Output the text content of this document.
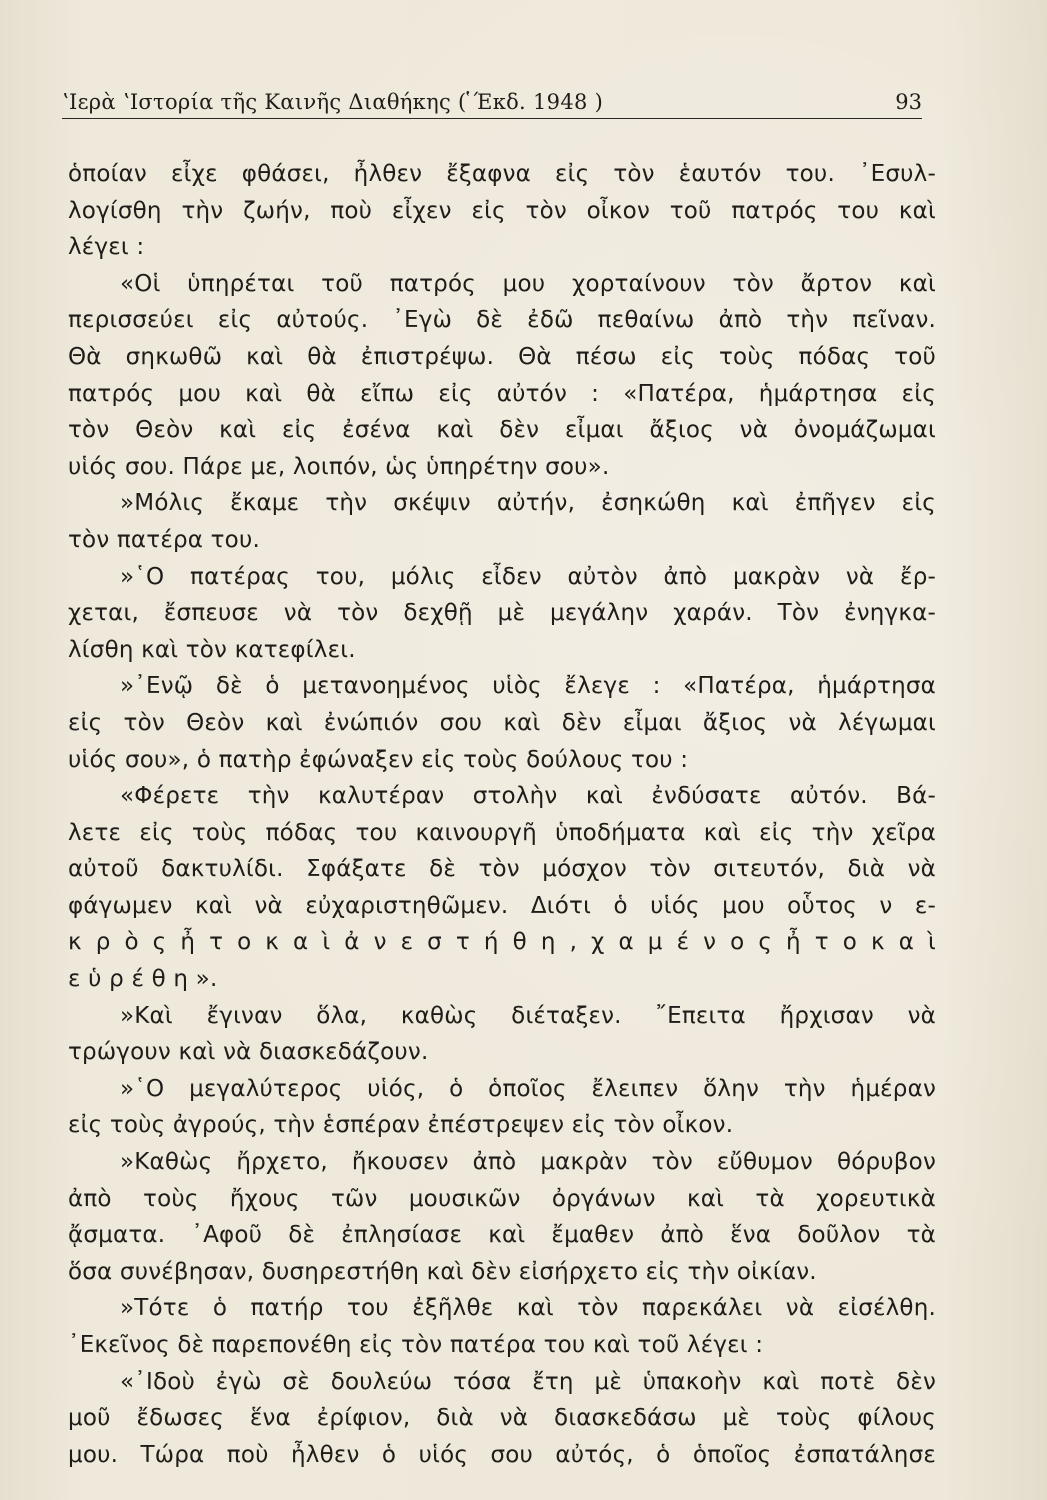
ʽΙερὰ ʽΙστορία τῆς Καινῆς Διαθήκης ( ̔Έκδ. 1948 )	93
ὁποίαν εἶχε φθάσει, ἦλθεν ἔξαφνα εἰς τὸν ἑαυτόν του. ᾿Εσυλ-
λογίσθη τὴν ζωήν, ποὺ εἶχεν εἰς τὸν οἶκον τοῦ πατρός του καὶ
λέγει :
«Οἱ ὑπηρέται τοῦ πατρός μου χορταίνουν τὸν ἄρτον καὶ
περισσεύει εἰς αὐτούς. ᾿Εγὼ δὲ ἐδῶ πεθαίνω ἀπὸ τὴν πεῖναν.
Θὰ σηκωθῶ καὶ θὰ ἐπιστρέψω. Θὰ πέσω εἰς τοὺς πόδας τοῦ
πατρός μου καὶ θὰ εἴπω εἰς αὐτόν : «Πατέρα, ἡμάρτησα εἰς
τὸν Θεὸν καὶ εἰς ἐσένα καὶ δὲν εἶμαι ἄξιος νὰ ὀνομάζωμαι
υἱός σου. Πάρε με, λοιπόν, ὡς ὑπηρέτην σου».
»Μόλις ἔκαμε τὴν σκέψιν αὐτήν, ἐσηκώθη καὶ ἐπῆγεν εἰς
τὸν πατέρα του.
»῾Ο πατέρας του, μόλις εἶδεν αὐτὸν ἀπὸ μακρὰν νὰ ἔρ-
χεται, ἔσπευσε νὰ τὸν δεχθῇ μὲ μεγάλην χαράν. Τὸν ἐνηγκα-
λίσθη καὶ τὸν κατεφίλει.
»᾿Ενῷ δὲ ὁ μετανοημένος υἱὸς ἔλεγε : «Πατέρα, ἡμάρτησα
εἰς τὸν Θεὸν καὶ ἐνώπιόν σου καὶ δὲν εἶμαι ἄξιος νὰ λέγωμαι
υἱός σου», ὁ πατὴρ ἐφώναξεν εἰς τοὺς δούλους του :
«Φέρετε τὴν καλυτέραν στολὴν καὶ ἐνδύσατε αὐτόν. Βά-
λετε εἰς τοὺς πόδας του καινουργῆ ὑποδήματα καὶ εἰς τὴν χεῖρα
αὐτοῦ δακτυλίδι. Σφάξατε δὲ τὸν μόσχον τὸν σιτευτόν, διὰ νὰ
φάγωμεν καὶ νὰ εὐχαριστηθῶμεν. Διότι ὁ υἱός μου οὗτος ν ε-
κ ρ ὸ ς ἦ τ ο κ α ὶ ἀ ν ε σ τ ή θ η , χ α μ έ ν ο ς ἦ τ ο κ α ὶ
ε ὑ ρ έ θ η ».
»Καὶ ἔγιναν ὅλα, καθὼς διέταξεν. ῎Επειτα ἤρχισαν νὰ
τρώγουν καὶ νὰ διασκεδάζουν.
»῾Ο μεγαλύτερος υἱός, ὁ ὁποῖος ἔλειπεν ὅλην τὴν ἡμέραν
εἰς τοὺς ἀγρούς, τὴν ἑσπέραν ἐπέστρεψεν εἰς τὸν οἶκον.
»Καθὼς ἤρχετο, ἤκουσεν ἀπὸ μακρὰν τὸν εὔθυμον θόρυβον
ἀπὸ τοὺς ἤχους τῶν μουσικῶν ὀργάνων καὶ τὰ χορευτικὰ
ᾄσματα. ᾿Αφοῦ δὲ ἐπλησίασε καὶ ἔμαθεν ἀπὸ ἕνα δοῦλον τὰ
ὅσα συνέβησαν, δυσηρεστήθη καὶ δὲν εἰσήρχετο εἰς τὴν οἰκίαν.
»Τότε ὁ πατήρ του ἐξῆλθε καὶ τὸν παρεκάλει νὰ εἰσέλθη.
᾿Εκεῖνος δὲ παρεπονέθη εἰς τὸν πατέρα του καὶ τοῦ λέγει :
«᾿Ιδοὺ ἐγὼ σὲ δουλεύω τόσα ἔτη μὲ ὑπακοὴν καὶ ποτὲ δὲν
μοῦ ἔδωσες ἕνα ἐρίφιον, διὰ νὰ διασκεδάσω μὲ τοὺς φίλους
μου. Τώρα ποὺ ἦλθεν ὁ υἱός σου αὐτός, ὁ ὁποῖος ἐσπατάλησε
